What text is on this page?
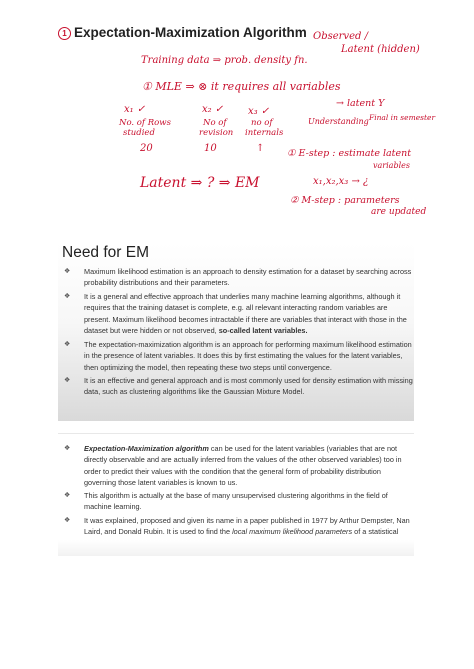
1 Expectation-Maximization Algorithm Observed /
Latent (hidden)
Training data ⇒ prob. density fn.
① MLE ⇒ ⊗ it requires all variables
x₁ ✓
No. of Rows
studied
20
x₂ ✓
No of
revision
10
x₃ ✓
no of
internals
↑
→ latent Y
Understanding Final in semester
① E-step : estimate latent
variables
x₁,x₂,x₃ → ¿
Latent ⇒ ? ⇒ EM
② M-step : parameters
are updated
Need for EM
❖ Maximum likelihood estimation is an approach to density estimation for a dataset by searching across probability distributions and their parameters.
❖ It is a general and effective approach that underlies many machine learning algorithms, although it requires that the training dataset is complete, e.g. all relevant interacting random variables are present. Maximum likelihood becomes intractable if there are variables that interact with those in the dataset but were hidden or not observed, so-called latent variables.
❖ The expectation-maximization algorithm is an approach for performing maximum likelihood estimation in the presence of latent variables. It does this by first estimating the values for the latent variables, then optimizing the model, then repeating these two steps until convergence.
❖ It is an effective and general approach and is most commonly used for density estimation with missing data, such as clustering algorithms like the Gaussian Mixture Model.
❖ Expectation-Maximization algorithm can be used for the latent variables (variables that are not directly observable and are actually inferred from the values of the other observed variables) too in order to predict their values with the condition that the general form of probability distribution governing those latent variables is known to us.
❖ This algorithm is actually at the base of many unsupervised clustering algorithms in the field of machine learning.
❖ It was explained, proposed and given its name in a paper published in 1977 by Arthur Dempster, Nan Laird, and Donald Rubin. It is used to find the local maximum likelihood parameters of a statistical
